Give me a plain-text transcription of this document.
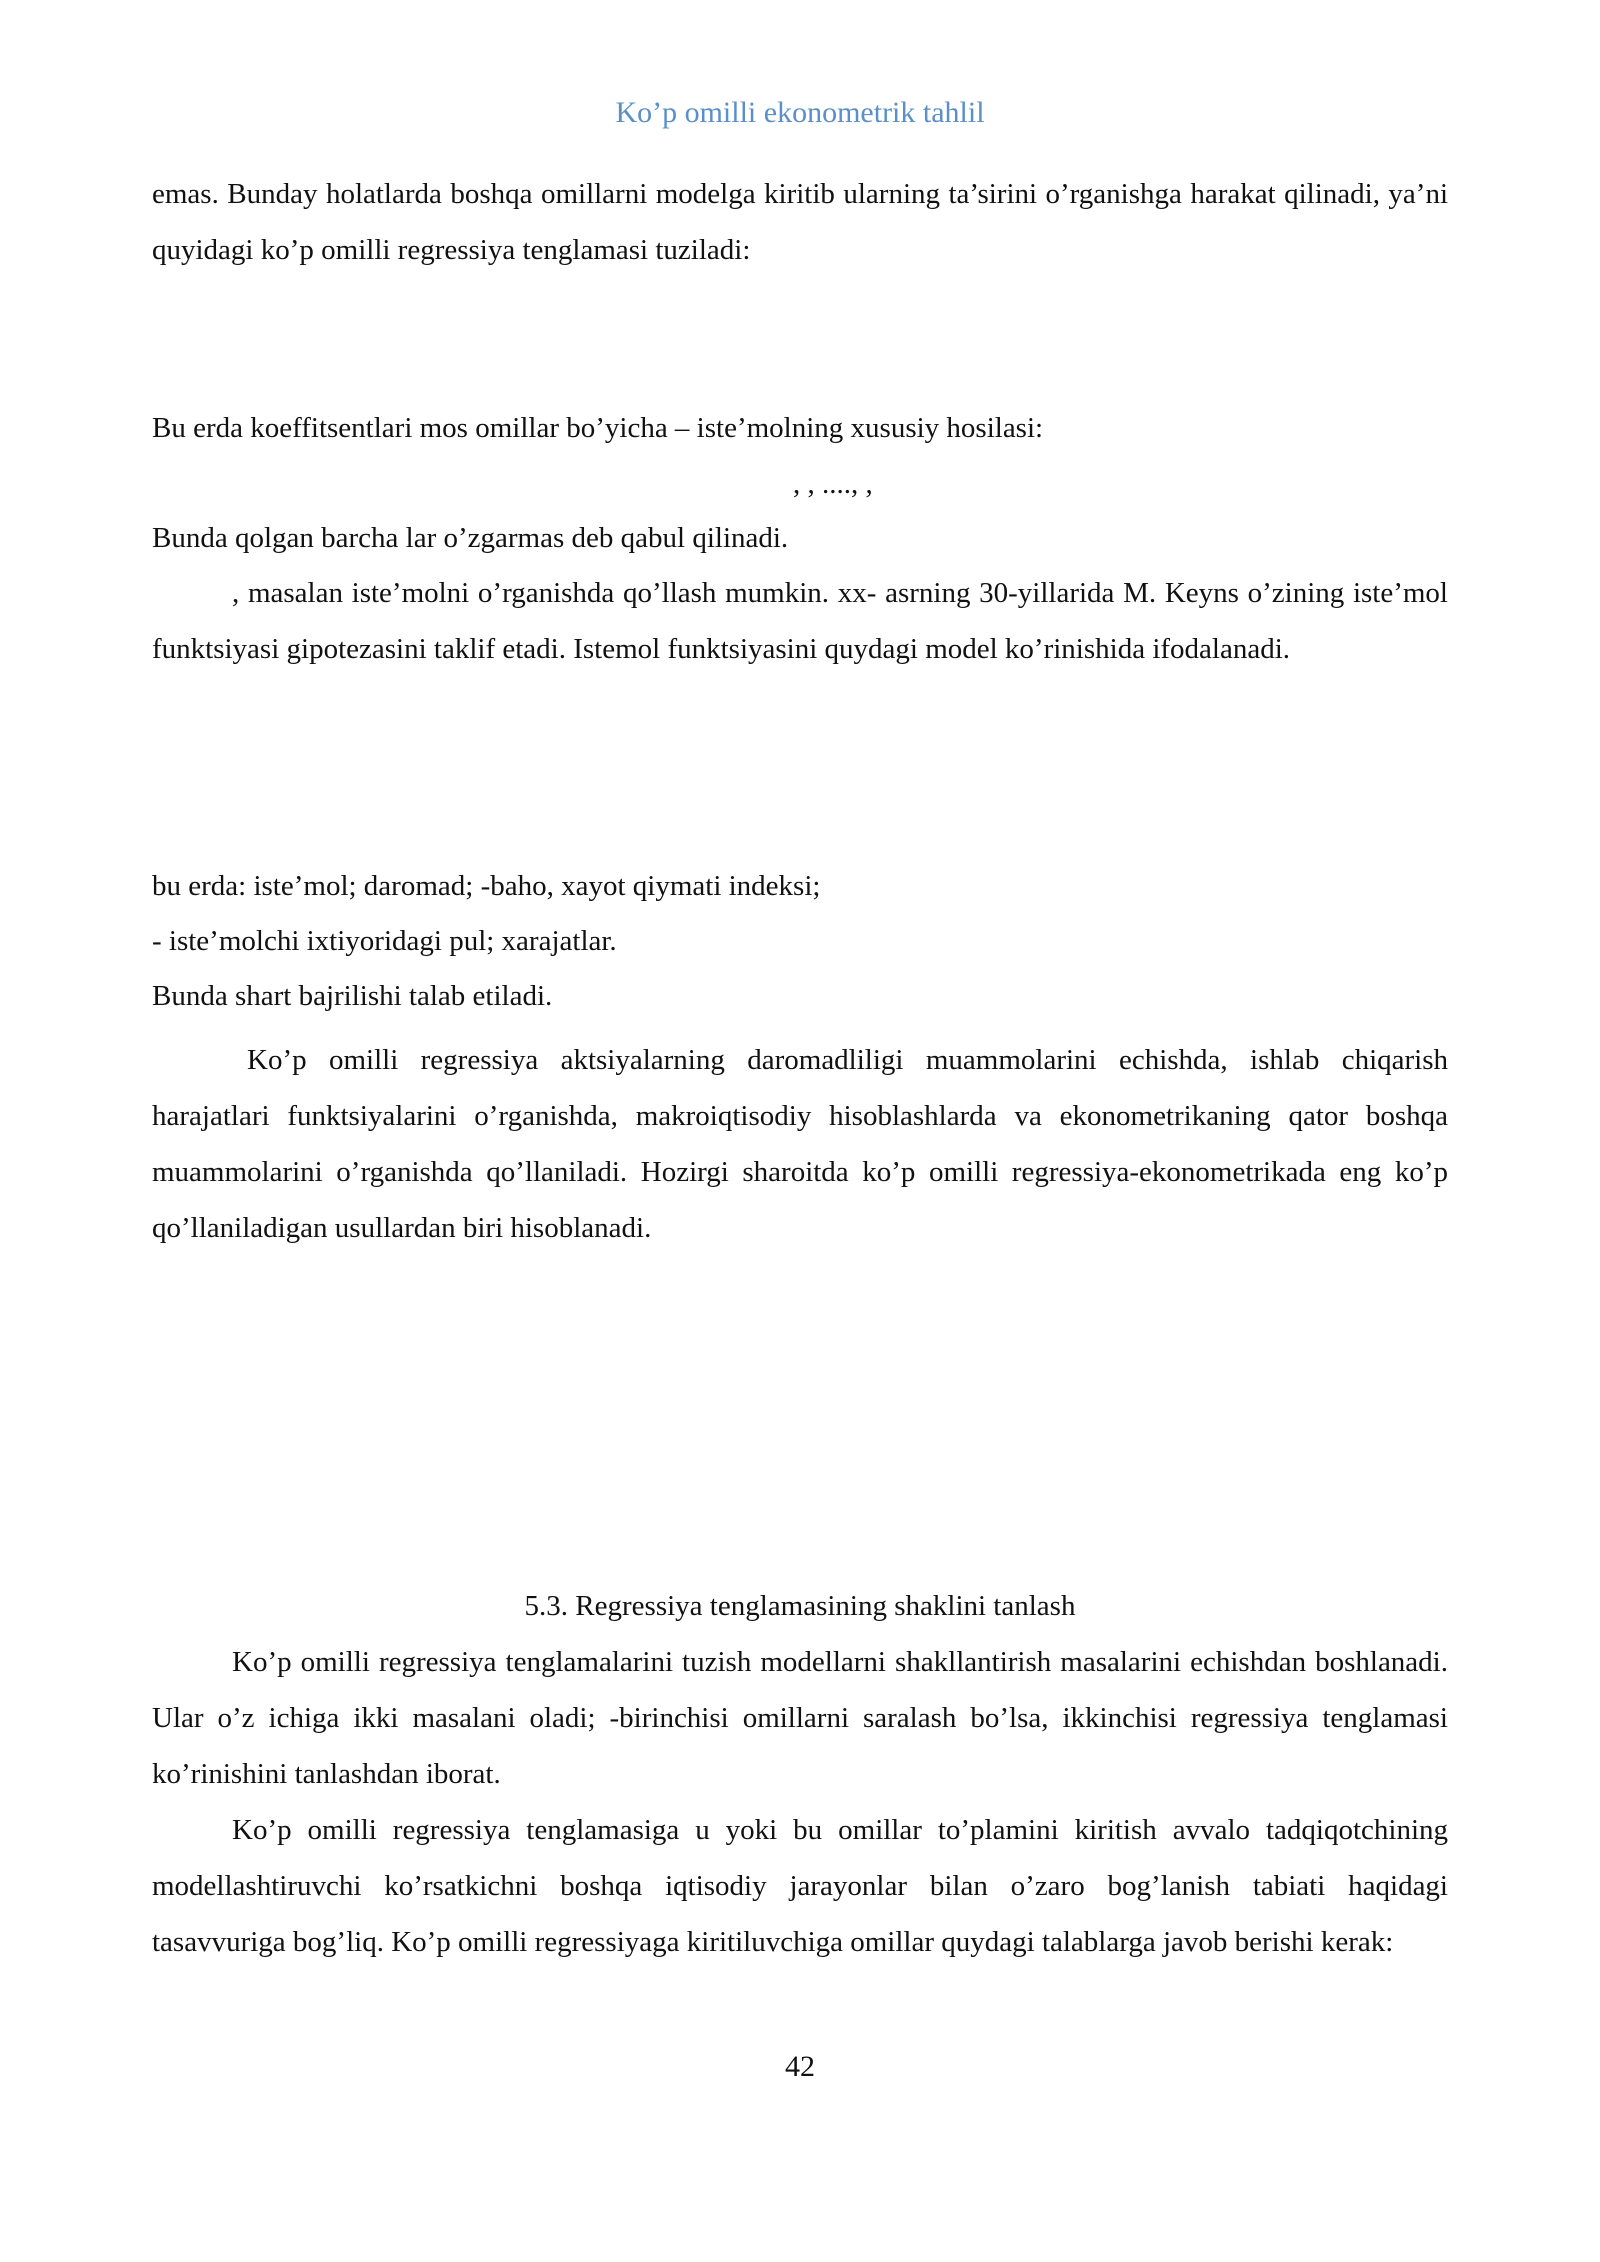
Ko’p omilli ekonometrik tahlil

emas. Bunday holatlarda boshqa omillarni modelga kiritib ularning ta’sirini o’rganishga harakat qilinadi, ya’ni quyidagi ko’p omilli regressiya tenglamasi tuziladi:

Bu erda koeffitsentlari mos omillar bo’yicha – iste’molning xususiy hosilasi:

, , ...., ,

Bunda qolgan barcha lar o’zgarmas deb qabul qilinadi.

, masalan iste’molni o’rganishda qo’llash mumkin. xx- asrning 30-yillarida M. Keyns o’zining iste’mol funktsiyasi gipotezasini taklif etadi. Istemol funktsiyasini quydagi model ko’rinishida ifodalanadi.

bu erda: iste’mol; daromad; -baho, xayot qiymati indeksi;

- iste’molchi ixtiyoridagi pul; xarajatlar.

Bunda shart bajrilishi talab etiladi.

Ko’p omilli regressiya aktsiyalarning daromadliligi muammolarini echishda, ishlab chiqarish harajatlari funktsiyalarini o’rganishda, makroiqtisodiy hisoblashlarda va ekonometrikaning qator boshqa muammolarini o’rganishda qo’llaniladi. Hozirgi sharoitda ko’p omilli regressiya-ekonometrikada eng ko’p qo’llaniladigan usullardan biri hisoblanadi.

5.3. Regressiya tenglamasining shaklini tanlash

Ko’p omilli regressiya tenglamalarini tuzish modellarni shakllantirish masalarini echishdan boshlanadi. Ular o’z ichiga ikki masalani oladi; -birinchisi omillarni saralash bo’lsa, ikkinchisi regressiya tenglamasi ko’rinishini tanlashdan iborat.

Ko’p omilli regressiya tenglamasiga u yoki bu omillar to’plamini kiritish avvalo tadqiqotchining modellashtiruvchi ko’rsatkichni boshqa iqtisodiy jarayonlar bilan o’zaro bog’lanish tabiati haqidagi tasavvuriga bog’liq. Ko’p omilli regressiyaga kiritiluvchiga omillar quydagi talablarga javob berishi kerak:

42
